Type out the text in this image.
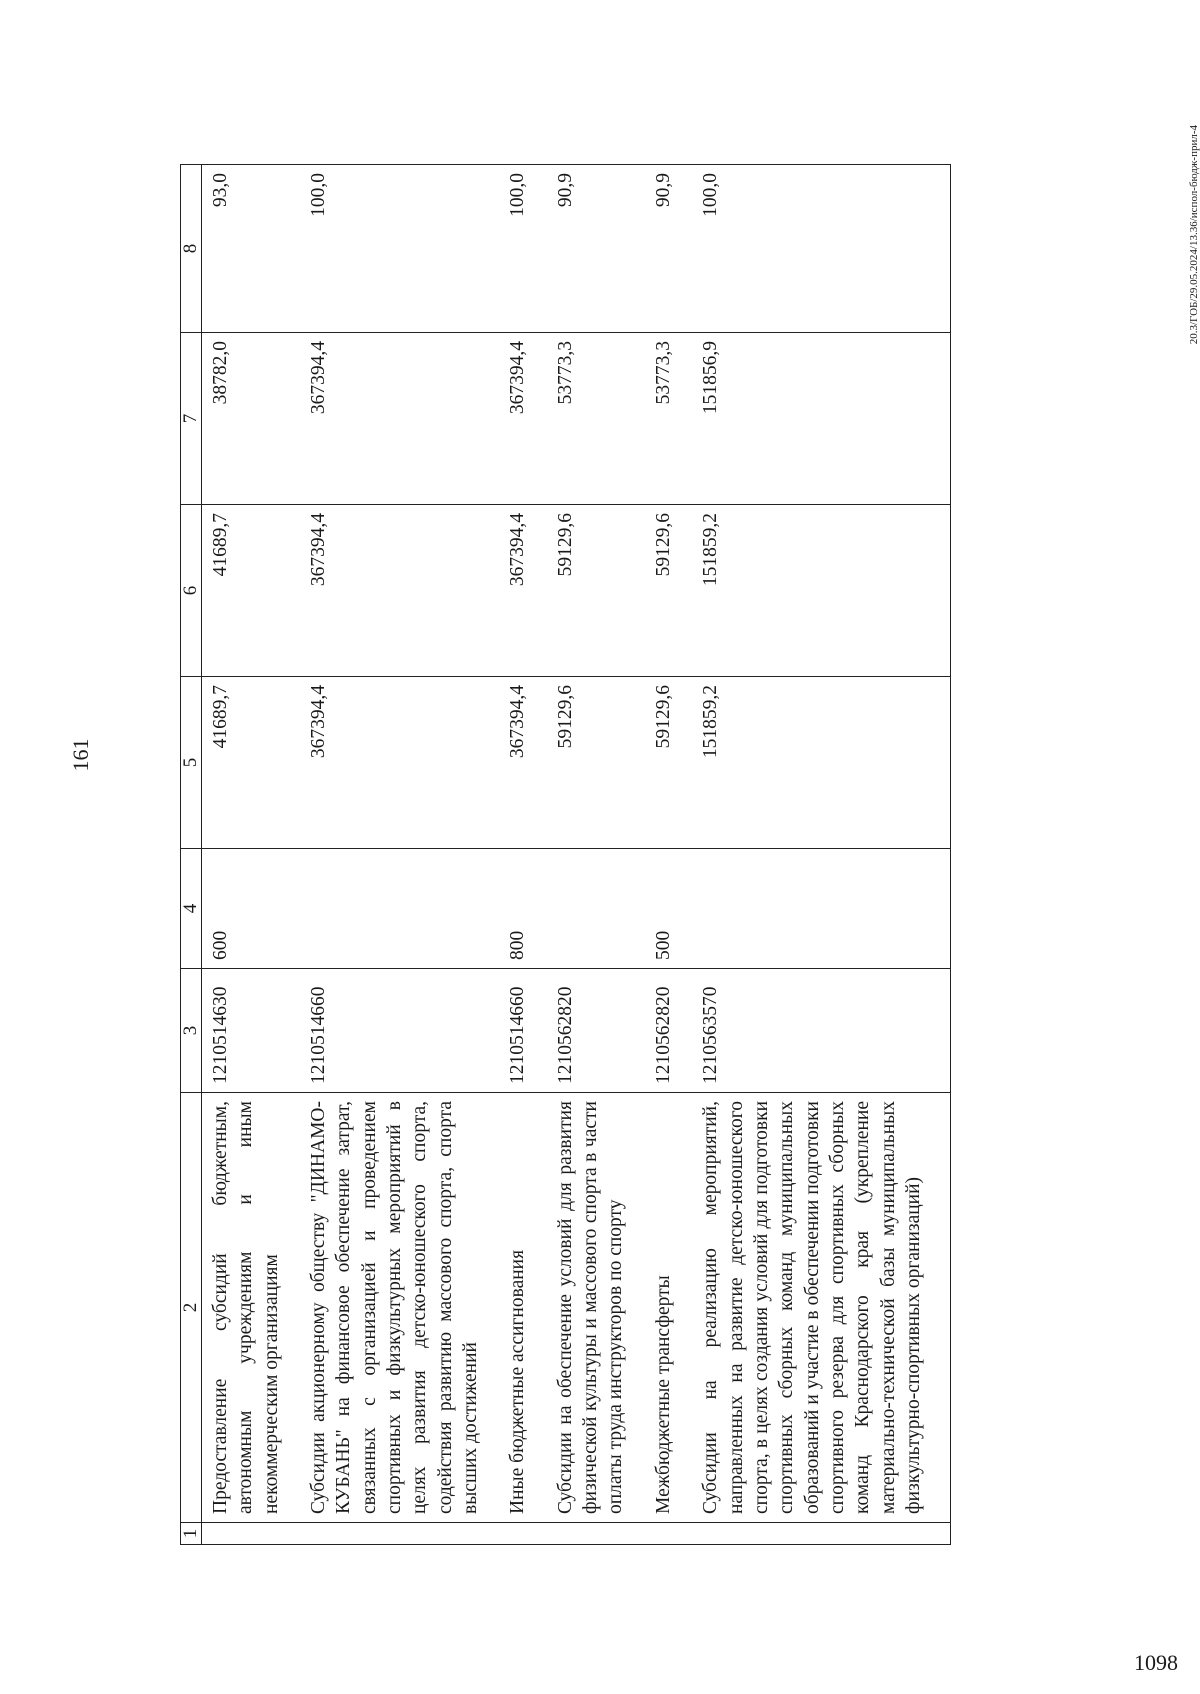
161
1	2	3	4	5	6	7	8
	Предоставление субсидий бюджетным, автономным учреждениям и иным некоммерческим организациям	1210514630	600	41689,7	41689,7	38782,0	93,0
	Субсидии акционерному обществу "ДИНАМО-КУБАНЬ" на финансовое обеспечение затрат, связанных с организацией и проведением спортивных и физкультурных мероприятий в целях развития детско-юношеского спорта, содействия развитию массового спорта, спорта высших достижений	1210514660		367394,4	367394,4	367394,4	100,0
	Иные бюджетные ассигнования	1210514660	800	367394,4	367394,4	367394,4	100,0
	Субсидии на обеспечение условий для развития физической культуры и массового спорта в части оплаты труда инструкторов по спорту	1210562820		59129,6	59129,6	53773,3	90,9
	Межбюджетные трансферты	1210562820	500	59129,6	59129,6	53773,3	90,9
	Субсидии на реализацию мероприятий, направленных на развитие детско-юношеского спорта, в целях создания условий для подготовки спортивных сборных команд муниципальных образований и участие в обеспечении подготовки спортивного резерва для спортивных сборных команд Краснодарского края (укрепление материально-технической базы муниципальных физкультурно-спортивных организаций)	1210563570		151859,2	151859,2	151856,9	100,0	20.3/ГОБ/29.05.2024/13.36/испол-бюдж-прил-4
1098
